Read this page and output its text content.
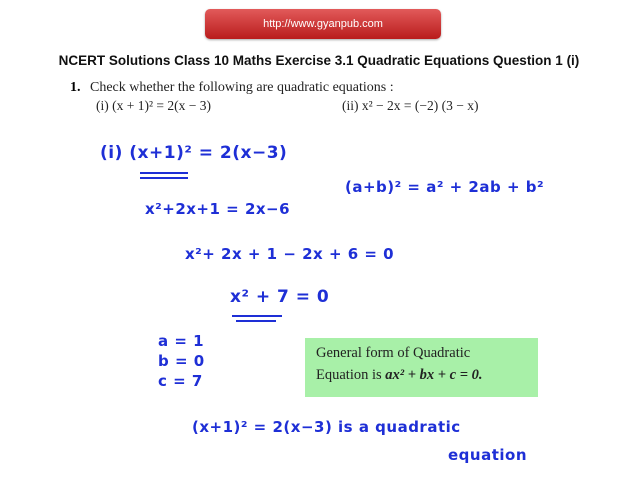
http://www.gyanpub.com
NCERT Solutions Class 10 Maths Exercise 3.1 Quadratic Equations Question 1 (i)
1. Check whether the following are quadratic equations :
(i) (x + 1)² = 2(x − 3)	(ii) x² − 2x = (−2) (3 − x)
(i) (x+1)² = 2(x−3)
(a+b)² = a² + 2ab + b²
x²+2x+1 = 2x−6
x²+ 2x + 1 − 2x + 6 = 0
x² + 7 = 0
a = 1
b = 0
c = 7
General form of Quadratic
Equation is ax² + bx + c = 0.
(x+1)² = 2(x−3) is a quadratic
equation
